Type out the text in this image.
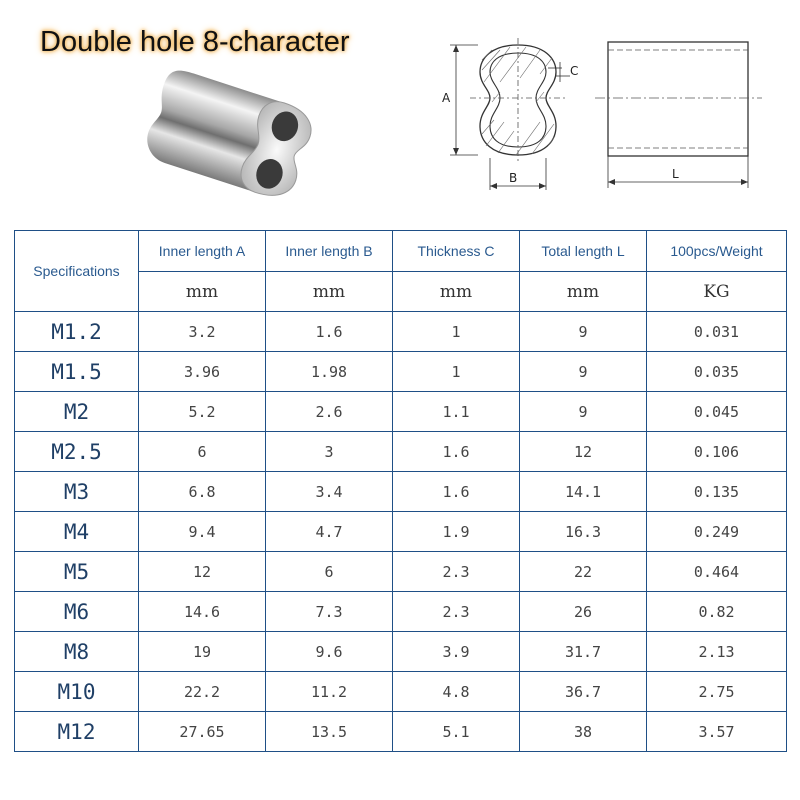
Double hole 8-character
A
B
C
L
Specifications	Inner length A	Inner length B	Thickness C	Total length L	100pcs/Weight
	mm	mm	mm	mm	KG
M1.2	3.2	1.6	1	9	0.031
M1.5	3.96	1.98	1	9	0.035
M2	5.2	2.6	1.1	9	0.045
M2.5	6	3	1.6	12	0.106
M3	6.8	3.4	1.6	14.1	0.135
M4	9.4	4.7	1.9	16.3	0.249
M5	12	6	2.3	22	0.464
M6	14.6	7.3	2.3	26	0.82
M8	19	9.6	3.9	31.7	2.13
M10	22.2	11.2	4.8	36.7	2.75
M12	27.65	13.5	5.1	38	3.57
